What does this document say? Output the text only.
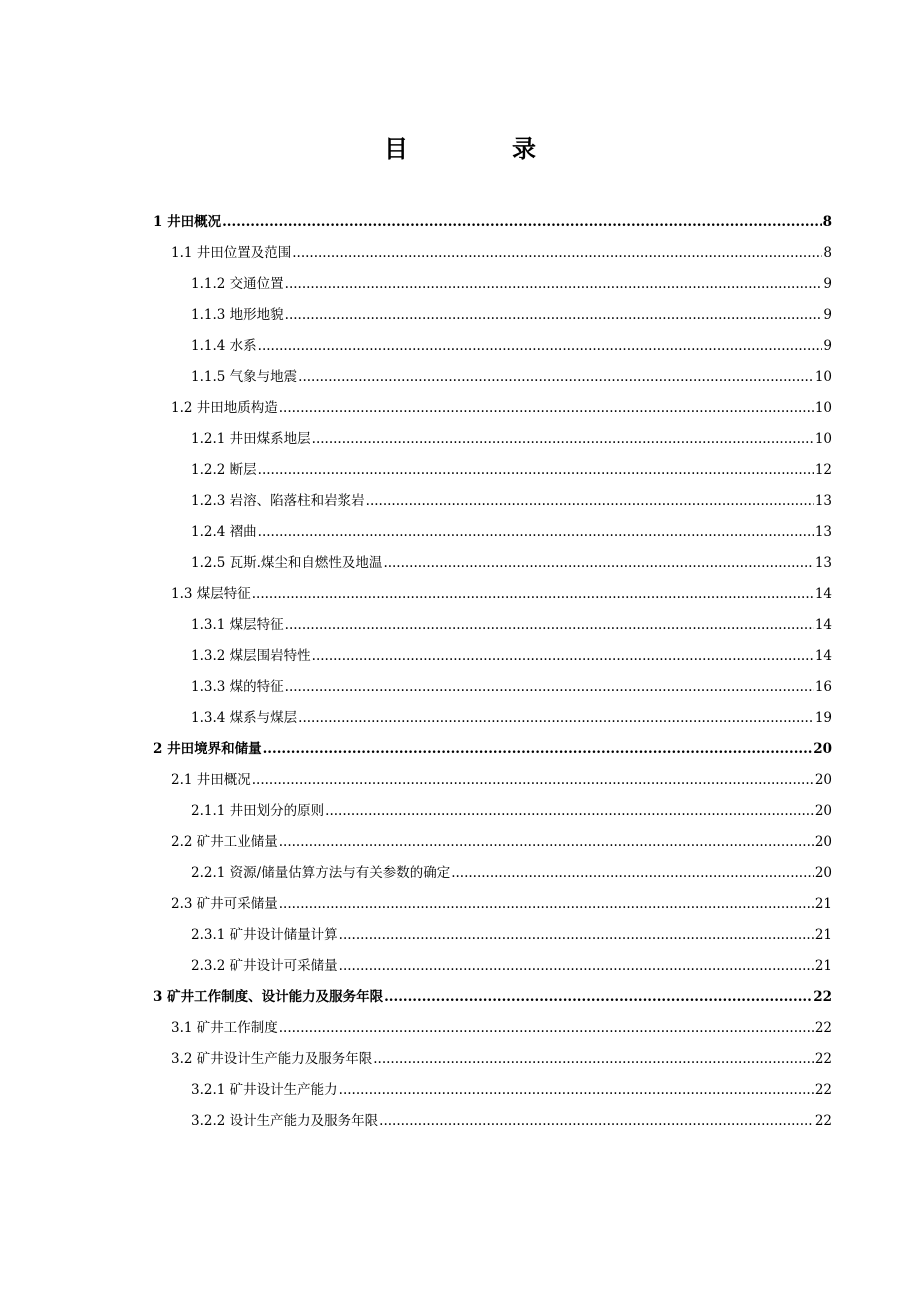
目　录
1 井田概况 .....	8
1.1 井田位置及范围 .....	8
1.1.2 交通位置 .....	9
1.1.3 地形地貌 .....	9
1.1.4 水系 .....	9
1.1.5 气象与地震 .....	10
1.2 井田地质构造 .....	10
1.2.1 井田煤系地层 .....	10
1.2.2 断层 .....	12
1.2.3 岩溶、陷落柱和岩浆岩 .....	13
1.2.4 褶曲 .....	13
1.2.5 瓦斯.煤尘和自燃性及地温 .....	13
1.3 煤层特征 .....	14
1.3.1 煤层特征 .....	14
1.3.2 煤层围岩特性 .....	14
1.3.3 煤的特征 .....	16
1.3.4 煤系与煤层 .....	19
2 井田境界和储量 .....	20
2.1 井田概况 .....	20
2.1.1 井田划分的原则 .....	20
2.2 矿井工业储量 .....	20
2.2.1 资源/储量估算方法与有关参数的确定 .....	20
2.3 矿井可采储量 .....	21
2.3.1 矿井设计储量计算 .....	21
2.3.2 矿井设计可采储量 .....	21
3 矿井工作制度、设计能力及服务年限 .....	22
3.1 矿井工作制度 .....	22
3.2 矿井设计生产能力及服务年限 .....	22
3.2.1 矿井设计生产能力 .....	22
3.2.2 设计生产能力及服务年限 .....	22
